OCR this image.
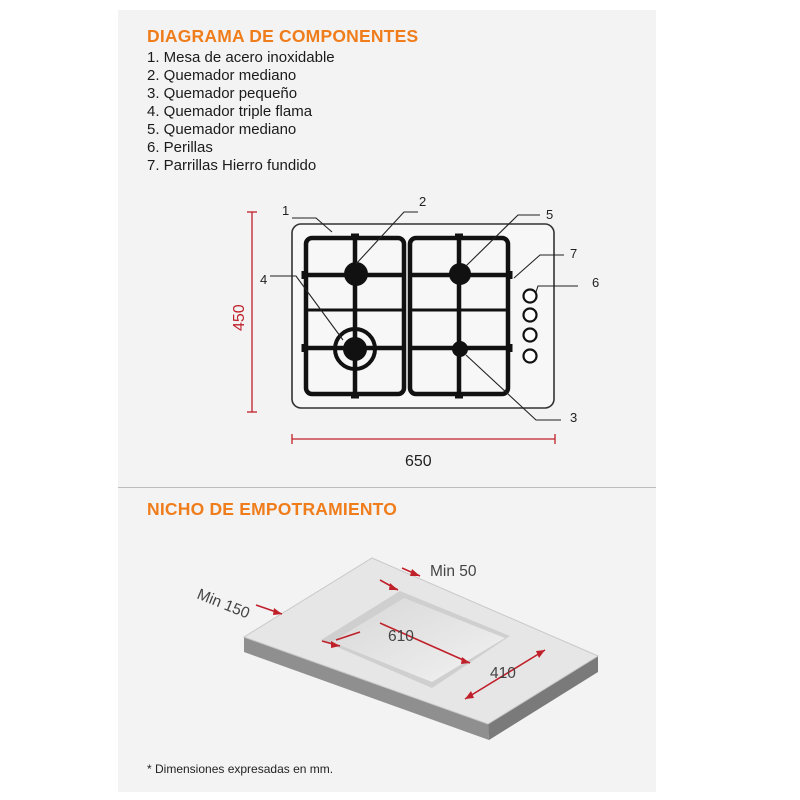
DIAGRAMA DE COMPONENTES
1. Mesa de acero inoxidable
2. Quemador mediano
3. Quemador pequeño
4. Quemador triple flama
5. Quemador mediano
6. Perillas
7. Parrillas Hierro fundido
1
2
5
7
6
4
3
450
650
NICHO DE EMPOTRAMIENTO
Min 50
Min 150
610
410
* Dimensiones expresadas en mm.
